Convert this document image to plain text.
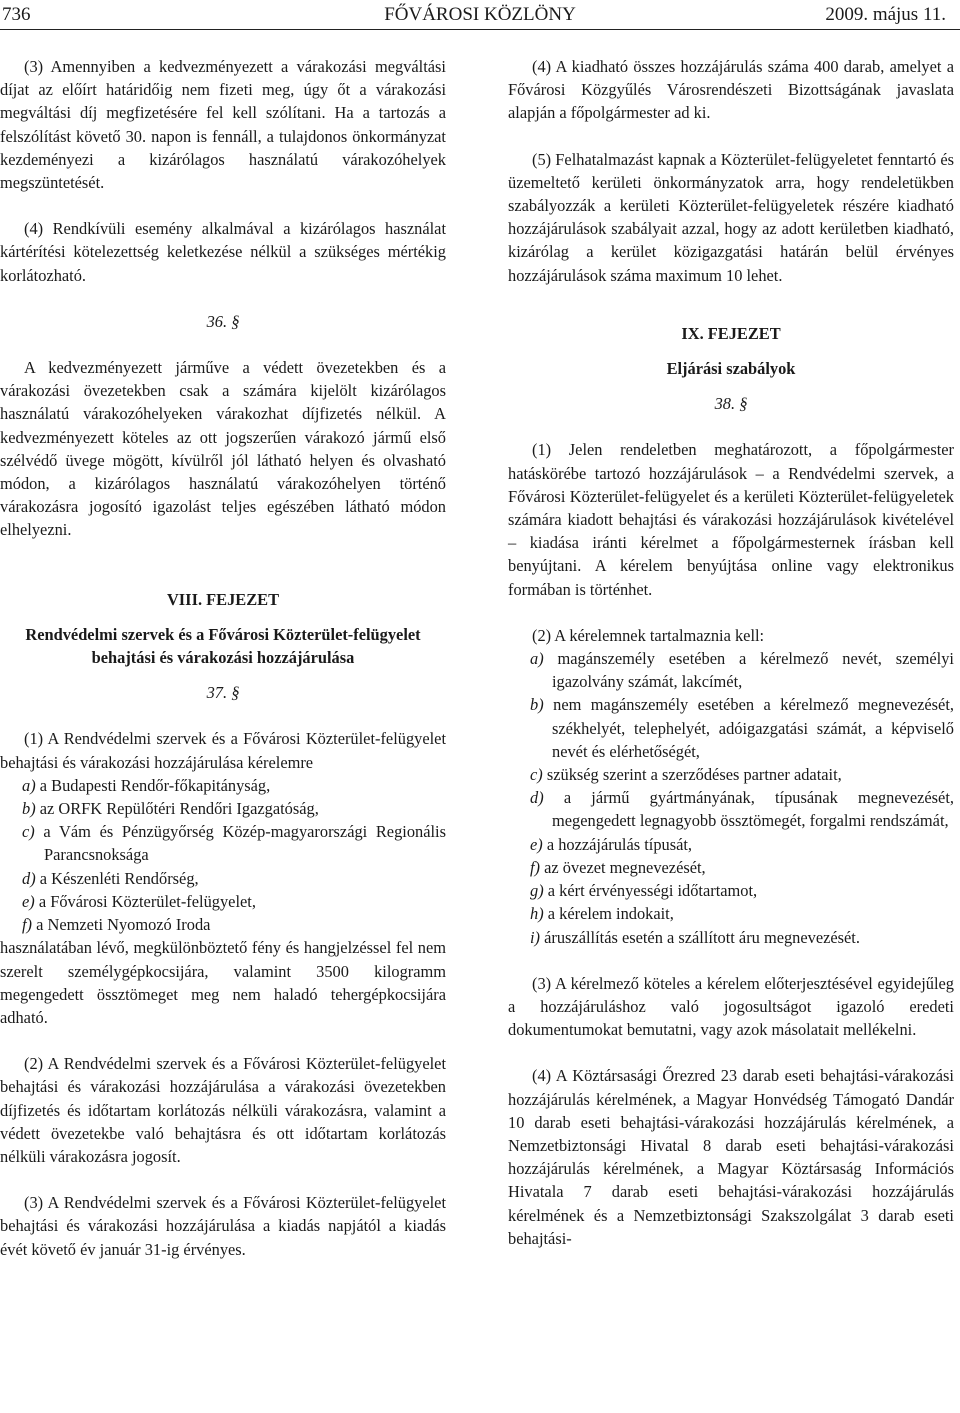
736	FŐVÁROSI KÖZLÖNY	2009. május 11.

(3) Amennyiben a kedvezményezett a várakozási megváltási díjat az előírt határidőig nem fizeti meg, úgy őt a várakozási megváltási díj megfizetésére fel kell szólítani. Ha a tartozás a felszólítást követő 30. napon is fennáll, a tulajdonos önkormányzat kezdeményezi a kizárólagos használatú várakozóhelyek megszüntetését.

(4) Rendkívüli esemény alkalmával a kizárólagos használat kártérítési kötelezettség keletkezése nélkül a szükséges mértékig korlátozható.

36. §

A kedvezményezett járműve a védett övezetekben és a várakozási övezetekben csak a számára kijelölt kizárólagos használatú várakozóhelyeken várakozhat díjfizetés nélkül. A kedvezményezett köteles az ott jogszerűen várakozó jármű első szélvédő üvege mögött, kívülről jól látható helyen és olvasható módon, a kizárólagos használatú várakozóhelyen történő várakozásra jogosító igazolást teljes egészében látható módon elhelyezni.

VIII. FEJEZET

Rendvédelmi szervek és a Fővárosi Közterület-felügyelet behajtási és várakozási hozzájárulása

37. §

(1) A Rendvédelmi szervek és a Fővárosi Közterület-felügyelet behajtási és várakozási hozzájárulása kérelemre

a) a Budapesti Rendőr-főkapitányság,

b) az ORFK Repülőtéri Rendőri Igazgatóság,

c) a Vám és Pénzügyőrség Közép-magyarországi Regionális Parancsnoksága

d) a Készenléti Rendőrség,

e) a Fővárosi Közterület-felügyelet,

f) a Nemzeti Nyomozó Iroda

használatában lévő, megkülönböztető fény és hangjelzéssel fel nem szerelt személygépkocsijára, valamint 3500 kilogramm megengedett össztömeget meg nem haladó tehergépkocsijára adható.

(2) A Rendvédelmi szervek és a Fővárosi Közterület-felügyelet behajtási és várakozási hozzájárulása a várakozási övezetekben díjfizetés és időtartam korlátozás nélküli várakozásra, valamint a védett övezetekbe való behajtásra és ott időtartam korlátozás nélküli várakozásra jogosít.

(3) A Rendvédelmi szervek és a Fővárosi Közterület-felügyelet behajtási és várakozási hozzájárulása a kiadás napjától a kiadás évét követő év január 31-ig érvényes.

(4) A kiadható összes hozzájárulás száma 400 darab, amelyet a Fővárosi Közgyűlés Városrendészeti Bizottságának javaslata alapján a főpolgármester ad ki.

(5) Felhatalmazást kapnak a Közterület-felügyeletet fenntartó és üzemeltető kerületi önkormányzatok arra, hogy rendeletükben szabályozzák a kerületi Közterület-felügyeletek részére kiadható hozzájárulások szabályait azzal, hogy az adott kerületben kiadható, kizárólag a kerület közigazgatási határán belül érvényes hozzájárulások száma maximum 10 lehet.

IX. FEJEZET

Eljárási szabályok

38. §

(1) Jelen rendeletben meghatározott, a főpolgármester hatáskörébe tartozó hozzájárulások – a Rendvédelmi szervek, a Fővárosi Közterület-felügyelet és a kerületi Közterület-felügyeletek számára kiadott behajtási és várakozási hozzájárulások kivételével – kiadása iránti kérelmet a főpolgármesternek írásban kell benyújtani. A kérelem benyújtása online vagy elektronikus formában is történhet.

(2) A kérelemnek tartalmaznia kell:

a) magánszemély esetében a kérelmező nevét, személyi igazolvány számát, lakcímét,

b) nem magánszemély esetében a kérelmező megnevezését, székhelyét, telephelyét, adóigazgatási számát, a képviselő nevét és elérhetőségét,

c) szükség szerint a szerződéses partner adatait,

d) a jármű gyártmányának, típusának megnevezését, megengedett legnagyobb össztömegét, forgalmi rendszámát,

e) a hozzájárulás típusát,

f) az övezet megnevezését,

g) a kért érvényességi időtartamot,

h) a kérelem indokait,

i) áruszállítás esetén a szállított áru megnevezését.

(3) A kérelmező köteles a kérelem előterjesztésével egyidejűleg a hozzájáruláshoz való jogosultságot igazoló eredeti dokumentumokat bemutatni, vagy azok másolatait mellékelni.

(4) A Köztársasági Őrezred 23 darab eseti behajtási-várakozási hozzájárulás kérelmének, a Magyar Honvédség Támogató Dandár 10 darab eseti behajtási-várakozási hozzájárulás kérelmének, a Nemzetbiztonsági Hivatal 8 darab eseti behajtási-várakozási hozzájárulás kérelmének, a Magyar Köztársaság Információs Hivatala 7 darab eseti behajtási-várakozási hozzájárulás kérelmének és a Nemzetbiztonsági Szakszolgálat 3 darab eseti behajtási-
